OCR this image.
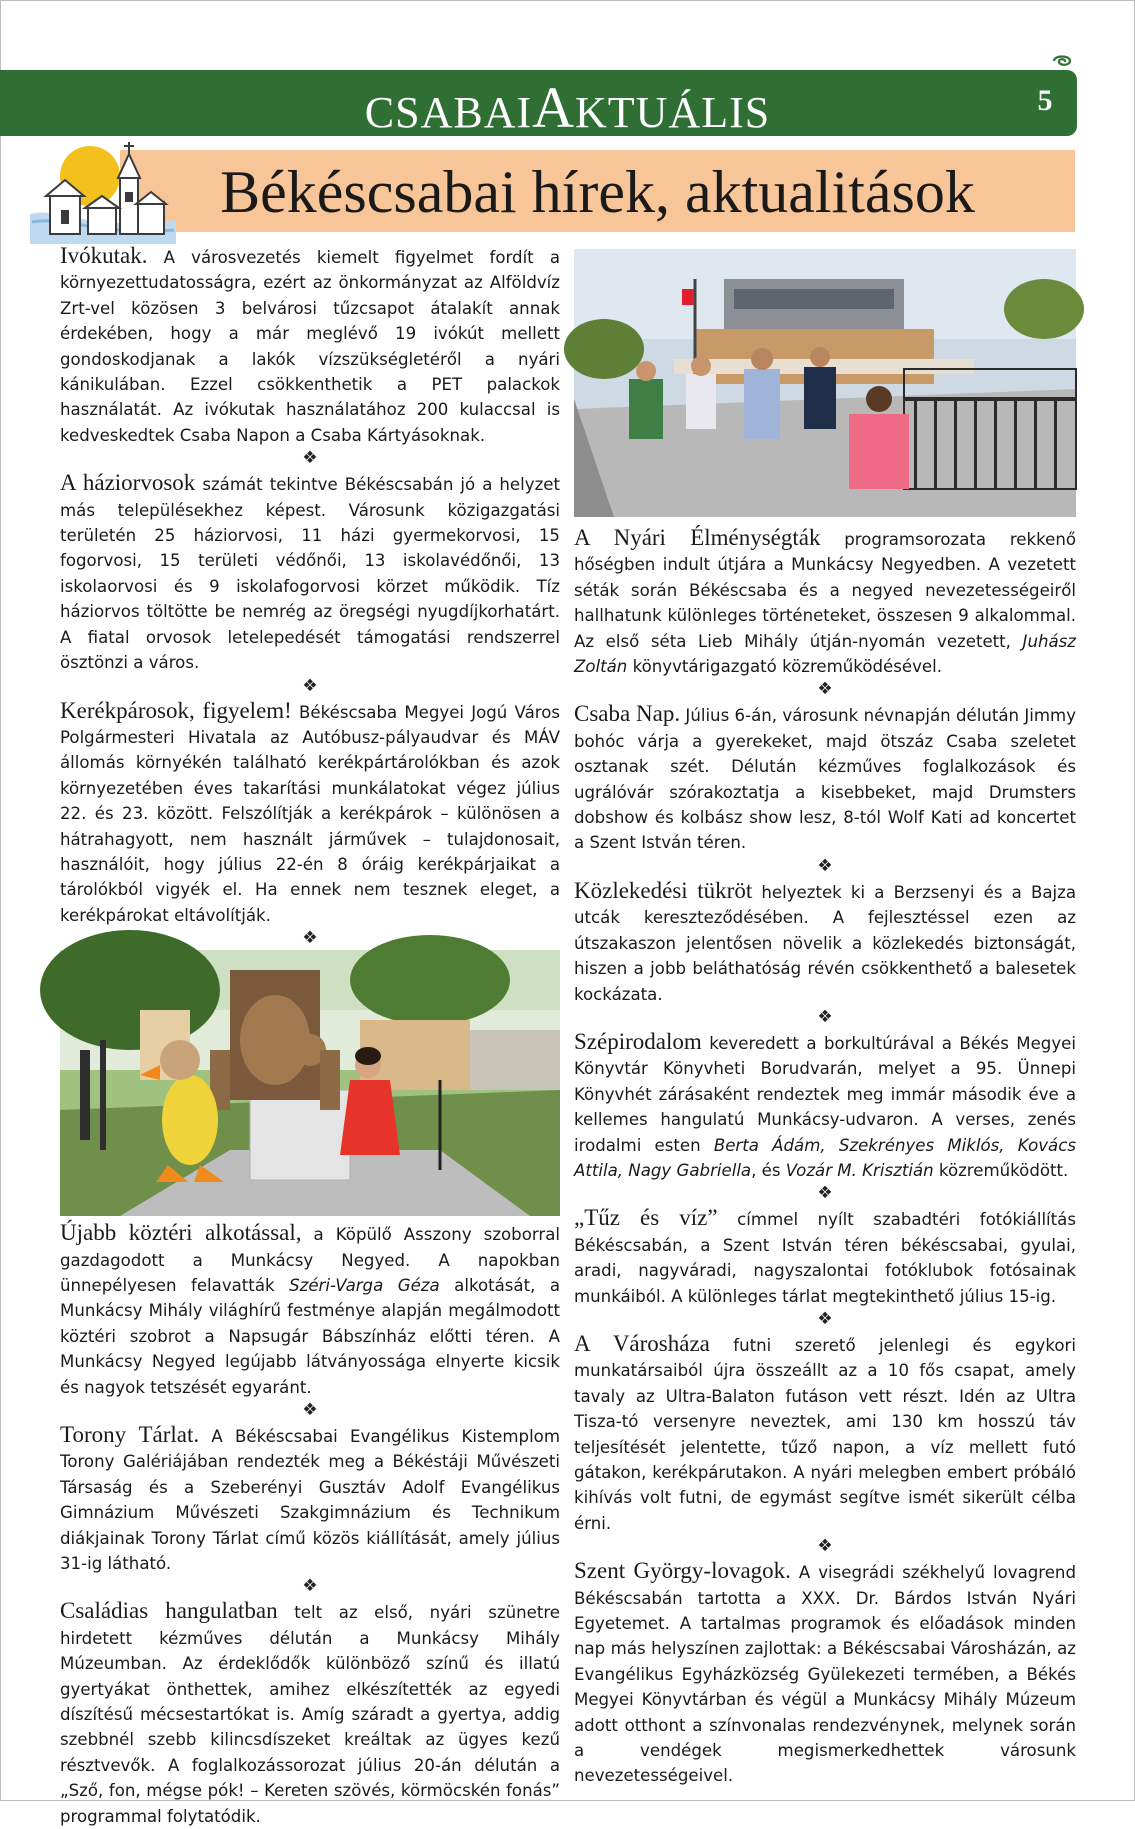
CSABAIAKTUÁLIS	5
Békéscsabai hírek, aktualitások

Ivókutak. A városvezetés kiemelt figyelmet fordít a környezettudatosságra, ezért az önkormányzat az Alföldvíz Zrt-vel közösen 3 belvárosi tűzcsapot átalakít annak érdekében, hogy a már meglévő 19 ivókút mellett gondoskodjanak a lakók vízszükségletéről a nyári kánikulában. Ezzel csökkenthetik a PET palackok használatát. Az ivókutak használatához 200 kulaccsal is kedveskedtek Csaba Napon a Csaba Kártyásoknak.

❖

A háziorvosok számát tekintve Békéscsabán jó a helyzet más településekhez képest. Városunk közigazgatási területén 25 háziorvosi, 11 házi gyermekorvosi, 15 fogorvosi, 15 területi védőnői, 13 iskolavédőnői, 13 iskolaorvosi és 9 iskolafogorvosi körzet működik. Tíz háziorvos töltötte be nemrég az öregségi nyugdíjkorhatárt. A fiatal orvosok letelepedését támogatási rendszerrel ösztönzi a város.

❖

Kerékpárosok, figyelem! Békéscsaba Megyei Jogú Város Polgármesteri Hivatala az Autóbusz-pályaudvar és MÁV állomás környékén található kerékpártárolókban és azok környezetében éves takarítási munkálatokat végez július 22. és 23. között. Felszólítják a kerékpárok – különösen a hátrahagyott, nem használt járművek – tulajdonosait, használóit, hogy július 22-én 8 óráig kerékpárjaikat a tárolókból vigyék el. Ha ennek nem tesznek eleget, a kerékpárokat eltávolítják.

❖

Újabb köztéri alkotással, a Köpülő Asszony szoborral gazdagodott a Munkácsy Negyed. A napokban ünnepélyesen felavatták Széri-Varga Géza alkotását, a Munkácsy Mihály világhírű festménye alapján megálmodott köztéri szobrot a Napsugár Bábszínház előtti téren. A Munkácsy Negyed legújabb látványossága elnyerte kicsik és nagyok tetszését egyaránt.

❖

Torony Tárlat. A Békéscsabai Evangélikus Kistemplom Torony Galériájában rendezték meg a Békéstáji Művészeti Társaság és a Szeberényi Gusztáv Adolf Evangélikus Gimnázium Művészeti Szakgimnázium és Technikum diákjainak Torony Tárlat című közös kiállítását, amely július 31-ig látható.

❖

Családias hangulatban telt az első, nyári szünetre hirdetett kézműves délután a Munkácsy Mihály Múzeumban. Az érdeklődők különböző színű és illatú gyertyákat önthettek, amihez elkészítették az egyedi díszítésű mécsestartókat is. Amíg száradt a gyertya, addig szebbnél szebb kilincsdíszeket kreáltak az ügyes kezű résztvevők. A foglalkozássorozat július 20-án délután a „Sző, fon, mégse pók! – Kereten szövés, körmöcskén fonás” programmal folytatódik.

A Nyári Élménységták programsorozata rekkenő hőségben indult útjára a Munkácsy Negyedben. A vezetett séták során Békéscsaba és a negyed nevezetességeiről hallhatunk különleges történeteket, összesen 9 alkalommal. Az első séta Lieb Mihály útján-nyomán vezetett, Juhász Zoltán könyvtárigazgató közreműködésével.

❖

Csaba Nap. Július 6-án, városunk névnapján délután Jimmy bohóc várja a gyerekeket, majd ötszáz Csaba szeletet osztanak szét. Délután kézműves foglalkozások és ugrálóvár szórakoztatja a kisebbeket, majd Drumsters dobshow és kolbász show lesz, 8-tól Wolf Kati ad koncertet a Szent István téren.

❖

Közlekedési tükröt helyeztek ki a Berzsenyi és a Bajza utcák kereszteződésében. A fejlesztéssel ezen az útszakaszon jelentősen növelik a közlekedés biztonságát, hiszen a jobb beláthatóság révén csökkenthető a balesetek kockázata.

❖

Szépirodalom keveredett a borkultúrával a Békés Megyei Könyvtár Könyvheti Borudvarán, melyet a 95. Ünnepi Könyvhét zárásaként rendeztek meg immár második éve a kellemes hangulatú Munkácsy-udvaron. A verses, zenés irodalmi esten Berta Ádám, Szekrényes Miklós, Kovács Attila, Nagy Gabriella, és Vozár M. Krisztián közreműködött.

❖

„Tűz és víz” címmel nyílt szabadtéri fotókiállítás Békéscsabán, a Szent István téren békéscsabai, gyulai, aradi, nagyváradi, nagyszalontai fotóklubok fotósainak munkáiból. A különleges tárlat megtekinthető július 15-ig.

❖

A Városháza futni szerető jelenlegi és egykori munkatársaiból újra összeállt az a 10 fős csapat, amely tavaly az Ultra-Balaton futáson vett részt. Idén az Ultra Tisza-tó versenyre neveztek, ami 130 km hosszú táv teljesítését jelentette, tűző napon, a víz mellett futó gátakon, kerékpárutakon. A nyári melegben embert próbáló kihívás volt futni, de egymást segítve ismét sikerült célba érni.

❖

Szent György-lovagok. A visegrádi székhelyű lovagrend Békéscsabán tartotta a XXX. Dr. Bárdos István Nyári Egyetemet. A tartalmas programok és előadások minden nap más helyszínen zajlottak: a Békéscsabai Városházán, az Evangélikus Egyházközség Gyülekezeti termében, a Békés Megyei Könyvtárban és végül a Munkácsy Mihály Múzeum adott otthont a színvonalas rendezvénynek, melynek során a vendégek megismerkedhettek városunk nevezetességeivel.
